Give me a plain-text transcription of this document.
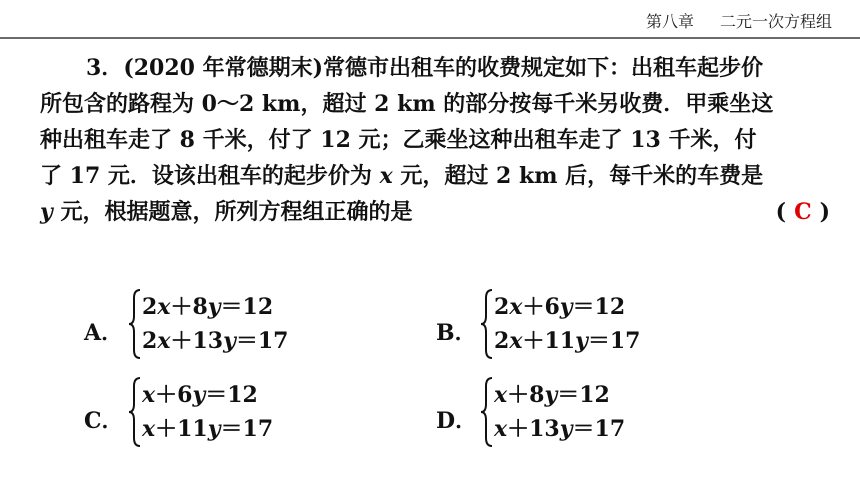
第八章 二元一次方程组
3．(2020 年常德期末)常德市出租车的收费规定如下：出租车起步价
所包含的路程为 0～2 km，超过 2 km 的部分按每千米另收费．甲乘坐这
种出租车走了 8 千米，付了 12 元；乙乘坐这种出租车走了 13 千米，付
了 17 元．设该出租车的起步价为 x 元，超过 2 km 后，每千米的车费是
y 元，根据题意，所列方程组正确的是	( C )
A．
2x＋8y＝12
2x＋13y＝17	B．
2x＋6y＝12
2x＋11y＝17
C．
x＋6y＝12
x＋11y＝17	D．
x＋8y＝12
x＋13y＝17
